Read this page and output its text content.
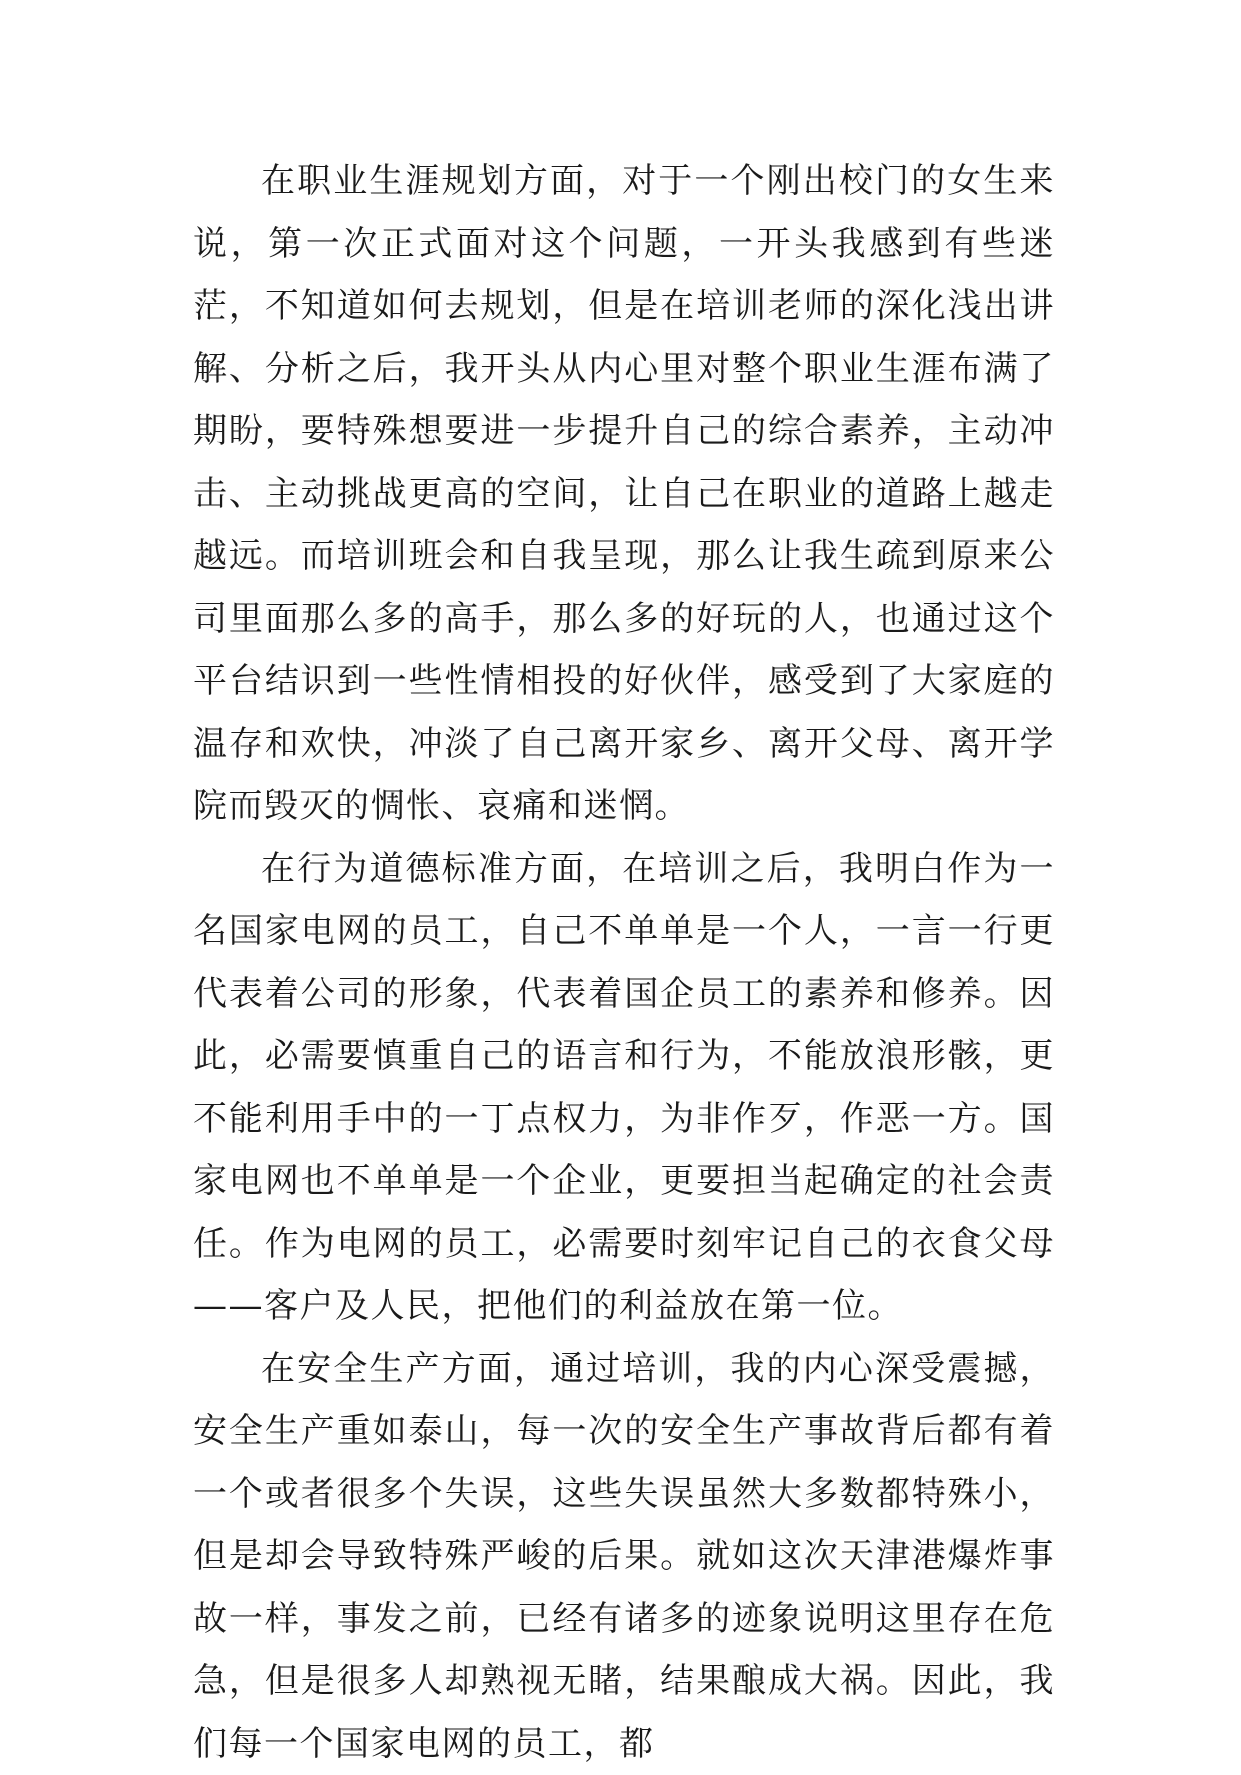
在职业生涯规划方面，对于一个刚出校门的女生来说，第一次正式面对这个问题，一开头我感到有些迷茫，不知道如何去规划，但是在培训老师的深化浅出讲解、分析之后，我开头从内心里对整个职业生涯布满了期盼，要特殊想要进一步提升自己的综合素养，主动冲击、主动挑战更高的空间，让自己在职业的道路上越走越远。而培训班会和自我呈现，那么让我生疏到原来公司里面那么多的高手，那么多的好玩的人，也通过这个平台结识到一些性情相投的好伙伴，感受到了大家庭的温存和欢快，冲淡了自己离开家乡、离开父母、离开学院而毁灭的惆怅、哀痛和迷惘。

在行为道德标准方面，在培训之后，我明白作为一名国家电网的员工，自己不单单是一个人，一言一行更代表着公司的形象，代表着国企员工的素养和修养。因此，必需要慎重自己的语言和行为，不能放浪形骸，更不能利用手中的一丁点权力，为非作歹，作恶一方。国家电网也不单单是一个企业，更要担当起确定的社会责任。作为电网的员工，必需要时刻牢记自己的衣食父母——客户及人民，把他们的利益放在第一位。

在安全生产方面，通过培训，我的内心深受震撼，安全生产重如泰山，每一次的安全生产事故背后都有着一个或者很多个失误，这些失误虽然大多数都特殊小，但是却会导致特殊严峻的后果。就如这次天津港爆炸事故一样，事发之前，已经有诸多的迹象说明这里存在危急，但是很多人却熟视无睹，结果酿成大祸。因此，我们每一个国家电网的员工，都
